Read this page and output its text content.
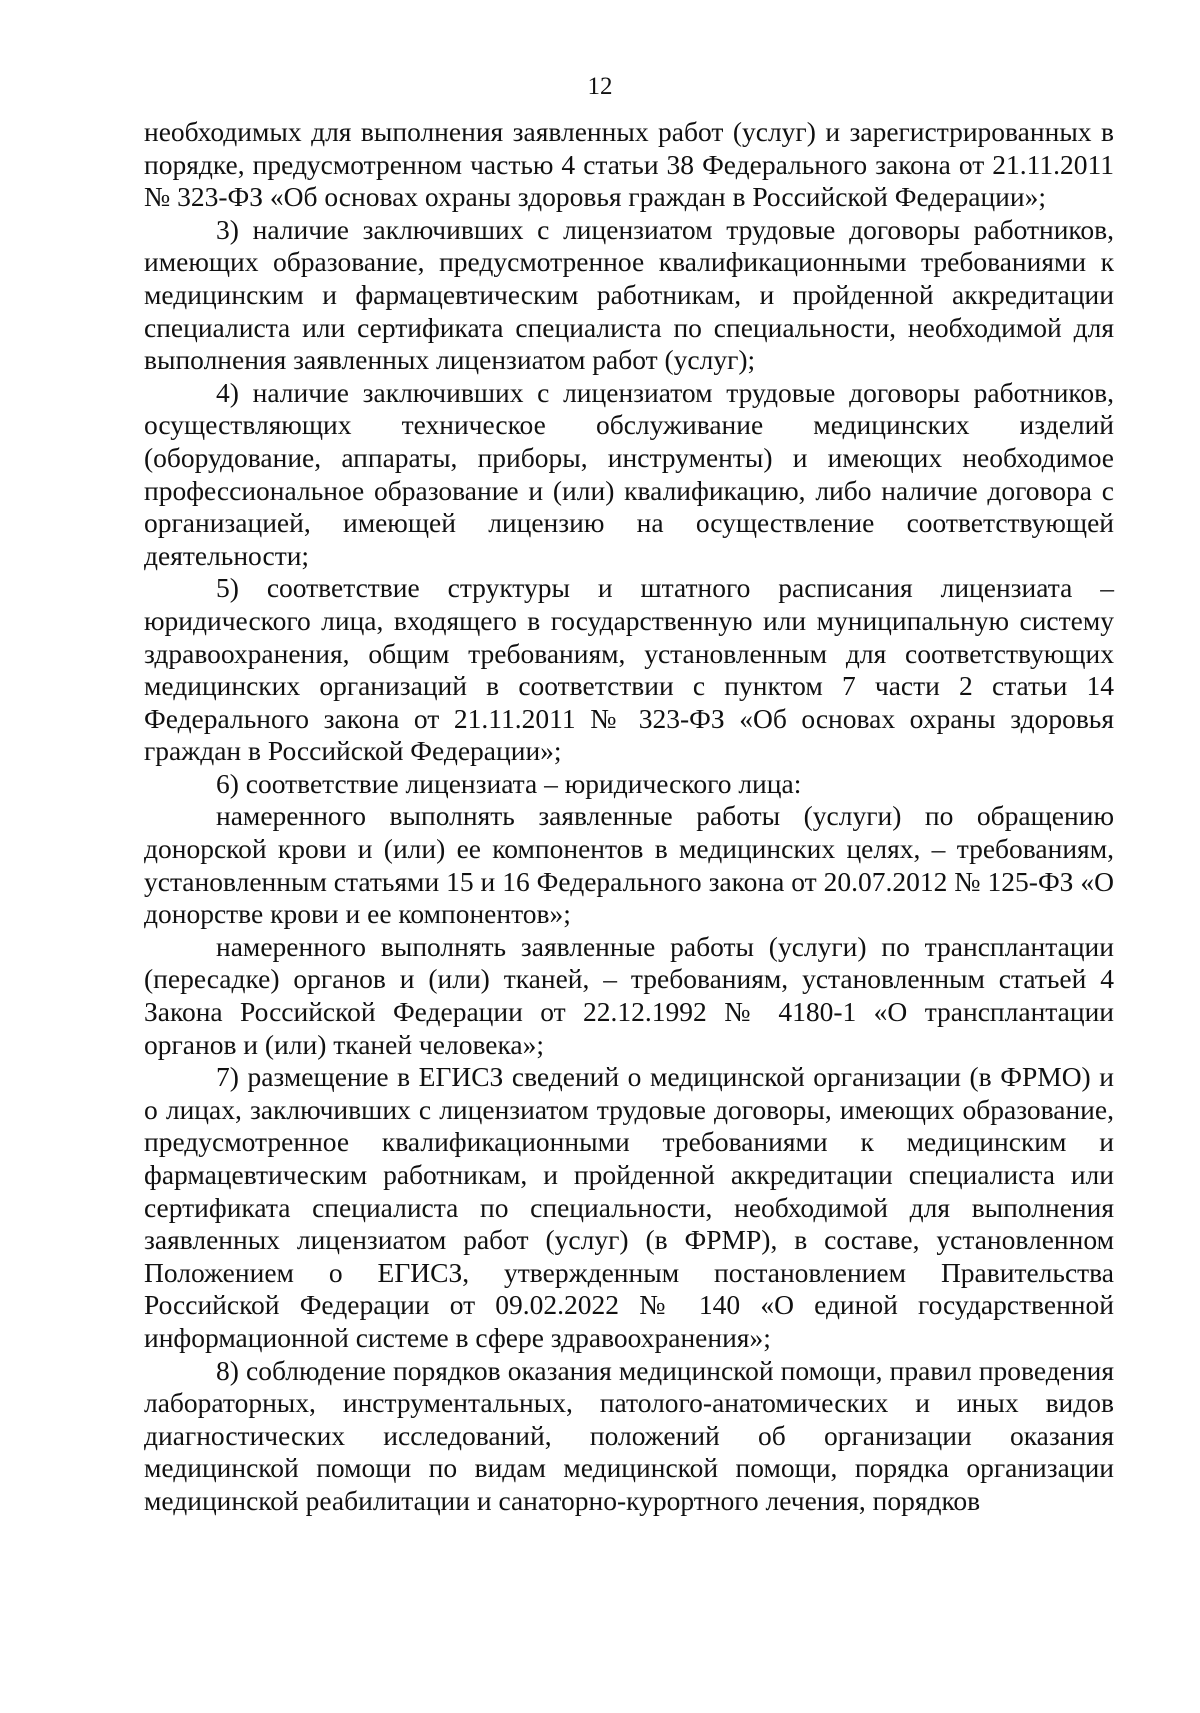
12

необходимых для выполнения заявленных работ (услуг) и зарегистрированных в порядке, предусмотренном частью 4 статьи 38 Федерального закона от 21.11.2011 № 323-ФЗ «Об основах охраны здоровья граждан в Российской Федерации»;

3) наличие заключивших с лицензиатом трудовые договоры работников, имеющих образование, предусмотренное квалификационными требованиями к медицинским и фармацевтическим работникам, и пройденной аккредитации специалиста или сертификата специалиста по специальности, необходимой для выполнения заявленных лицензиатом работ (услуг);

4) наличие заключивших с лицензиатом трудовые договоры работников, осуществляющих техническое обслуживание медицинских изделий (оборудование, аппараты, приборы, инструменты) и имеющих необходимое профессиональное образование и (или) квалификацию, либо наличие договора с организацией, имеющей лицензию на осуществление соответствующей деятельности;

5) соответствие структуры и штатного расписания лицензиата – юридического лица, входящего в государственную или муниципальную систему здравоохранения, общим требованиям, установленным для соответствующих медицинских организаций в соответствии с пунктом 7 части 2 статьи 14 Федерального закона от 21.11.2011 № 323-ФЗ «Об основах охраны здоровья граждан в Российской Федерации»;

6) соответствие лицензиата – юридического лица:

намеренного выполнять заявленные работы (услуги) по обращению донорской крови и (или) ее компонентов в медицинских целях, – требованиям, установленным статьями 15 и 16 Федерального закона от 20.07.2012 № 125-ФЗ «О донорстве крови и ее компонентов»;

намеренного выполнять заявленные работы (услуги) по трансплантации (пересадке) органов и (или) тканей, – требованиям, установленным статьей 4 Закона Российской Федерации от 22.12.1992 № 4180-1 «О трансплантации органов и (или) тканей человека»;

7) размещение в ЕГИСЗ сведений о медицинской организации (в ФРМО) и о лицах, заключивших с лицензиатом трудовые договоры, имеющих образование, предусмотренное квалификационными требованиями к медицинским и фармацевтическим работникам, и пройденной аккредитации специалиста или сертификата специалиста по специальности, необходимой для выполнения заявленных лицензиатом работ (услуг) (в ФРМР), в составе, установленном Положением о ЕГИСЗ, утвержденным постановлением Правительства Российской Федерации от 09.02.2022 № 140 «О единой государственной информационной системе в сфере здравоохранения»;

8) соблюдение порядков оказания медицинской помощи, правил проведения лабораторных, инструментальных, патолого-анатомических и иных видов диагностических исследований, положений об организации оказания медицинской помощи по видам медицинской помощи, порядка организации медицинской реабилитации и санаторно-курортного лечения, порядков
